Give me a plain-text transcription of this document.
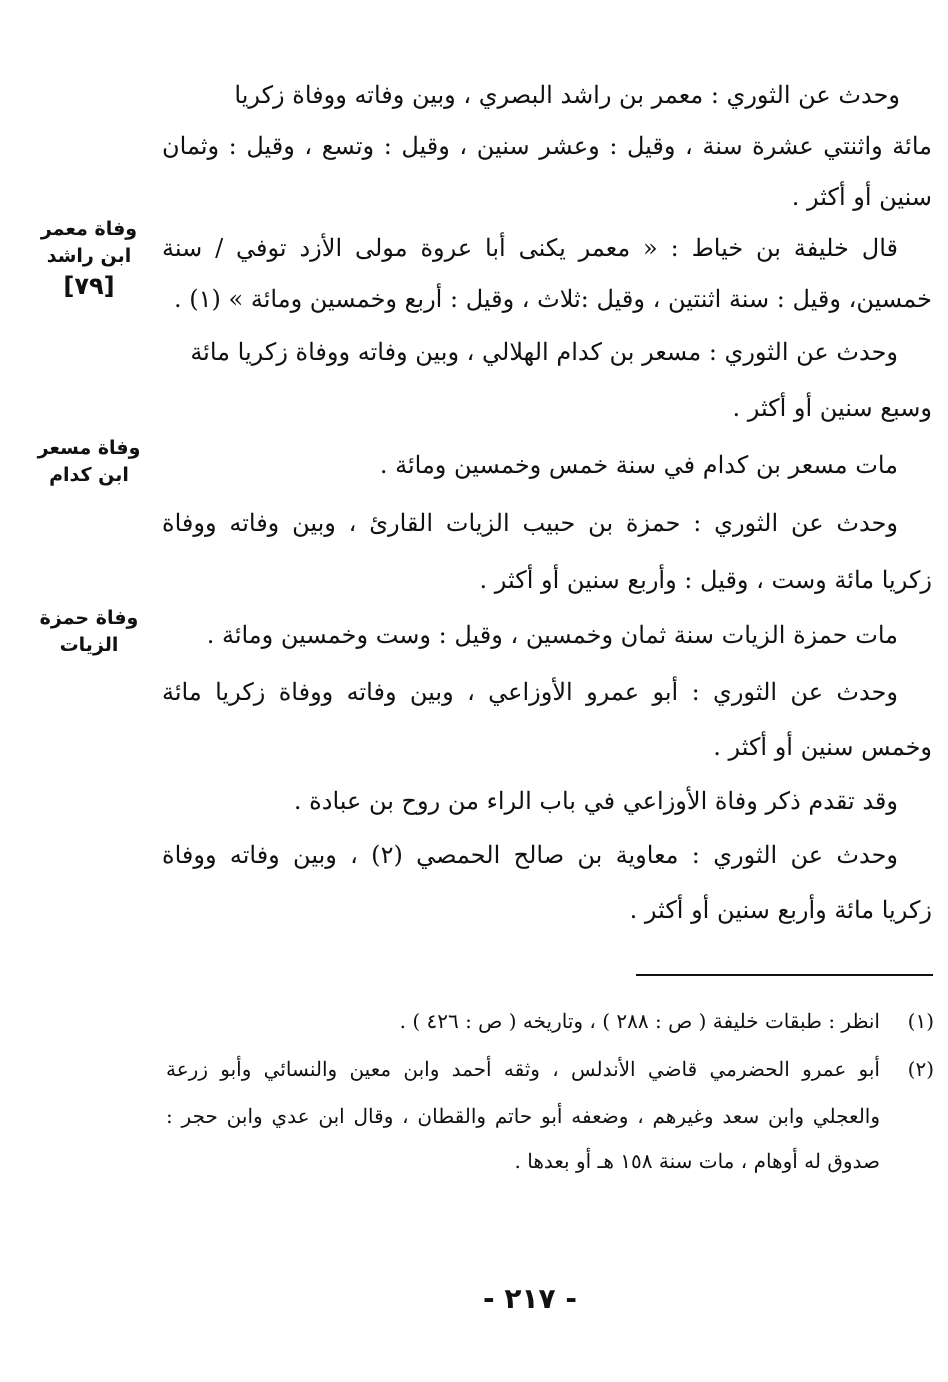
وحدث عن الثوري : معمر بن راشد البصري ، وبين وفاته ووفاة زكريا
مائة واثنتي عشرة سنة ، وقيل : وعشر سنين ، وقيل : وتسع ، وقيل : وثمان
سنين أو أكثر .
قال خليفة بن خياط : « معمر يكنى أبا عروة مولى الأزد توفي / سنة
خمسين، وقيل : سنة اثنتين ، وقيل :ثلاث ، وقيل : أربع وخمسين ومائة » (١) .
وحدث عن الثوري : مسعر بن كدام الهلالي ، وبين وفاته ووفاة زكريا مائة
وسبع سنين أو أكثر .
مات مسعر بن كدام في سنة خمس وخمسين ومائة .
وحدث عن الثوري : حمزة بن حبيب الزيات القارئ ، وبين وفاته ووفاة
زكريا مائة وست ، وقيل : وأربع سنين أو أكثر .
مات حمزة الزيات سنة ثمان وخمسين ، وقيل : وست وخمسين ومائة .
وحدث عن الثوري : أبو عمرو الأوزاعي ، وبين وفاته ووفاة زكريا مائة
وخمس سنين أو أكثر .
وقد تقدم ذكر وفاة الأوزاعي في باب الراء من روح بن عبادة .
وحدث عن الثوري : معاوية بن صالح الحمصي (٢) ، وبين وفاته ووفاة
زكريا مائة وأربع سنين أو أكثر .
وفاة معمر
ابن راشد
[٧٩]
وفاة مسعر
ابن كدام
وفاة حمزة
الزيات
(١)
انظر : طبقات خليفة ( ص : ٢٨٨ ) ، وتاريخه ( ص : ٤٢٦ ) .
(٢)
أبو عمرو الحضرمي قاضي الأندلس ، وثقه أحمد وابن معين والنسائي وأبو زرعة
والعجلي وابن سعد وغيرهم ، وضعفه أبو حاتم والقطان ، وقال ابن عدي وابن حجر :
صدوق له أوهام ، مات سنة ١٥٨ هـ أو بعدها .
- ٢١٧ -
